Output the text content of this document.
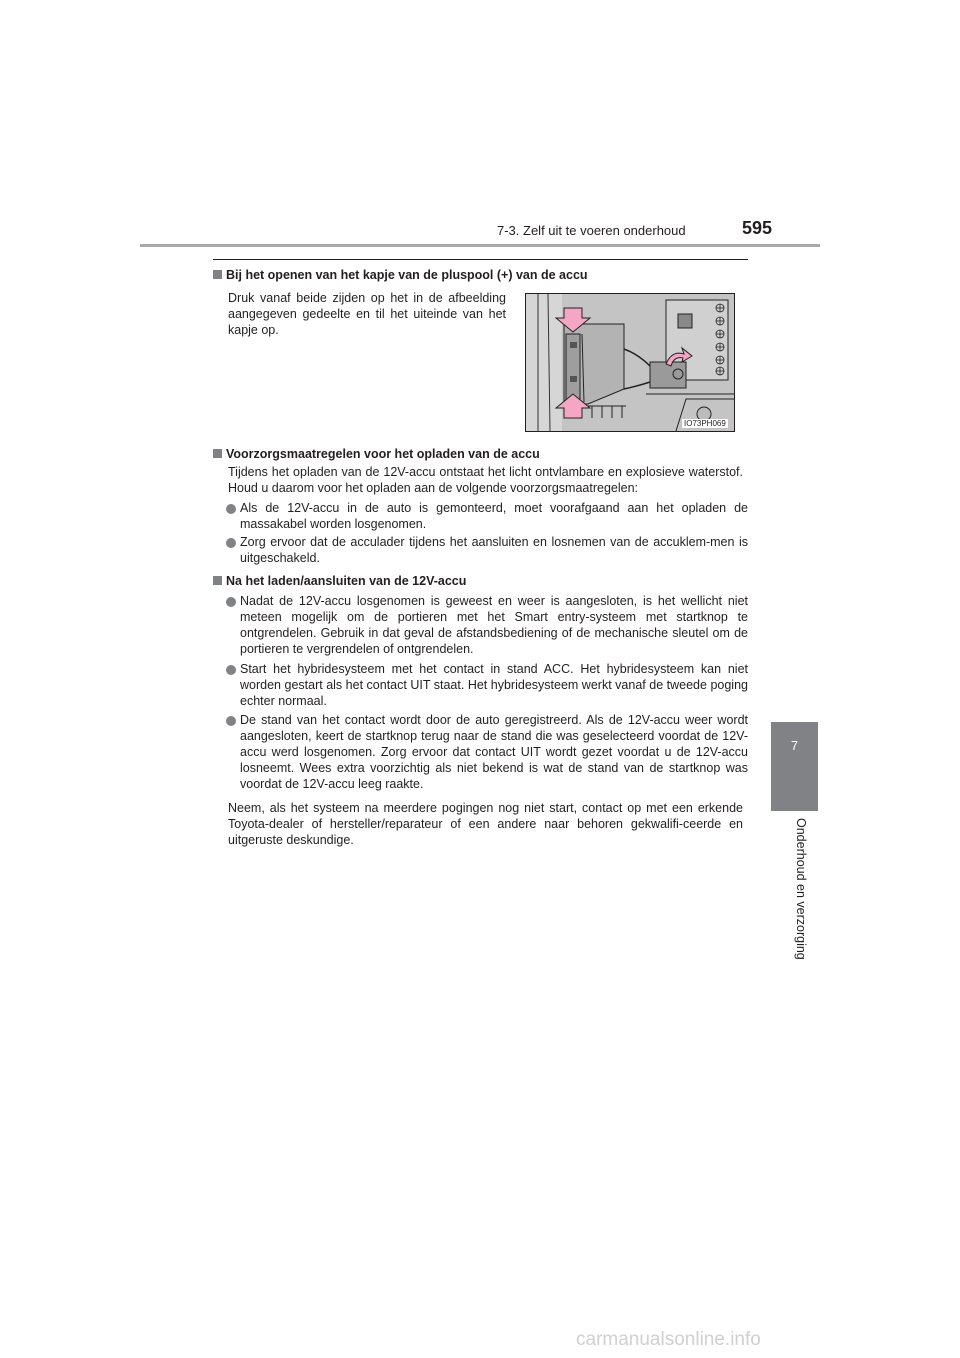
7-3. Zelf uit te voeren onderhoud	595
7
Onderhoud en verzorging
Bij het openen van het kapje van de pluspool (+) van de accu
Druk vanaf beide zijden op het in de afbeelding aangegeven gedeelte en til het uiteinde van het kapje op.
IO73PH069
Voorzorgsmaatregelen voor het opladen van de accu
Tijdens het opladen van de 12V-accu ontstaat het licht ontvlambare en explosieve waterstof. Houd u daarom voor het opladen aan de volgende voorzorgsmaatregelen:
Als de 12V-accu in de auto is gemonteerd, moet voorafgaand aan het opladen de massakabel worden losgenomen.
Zorg ervoor dat de acculader tijdens het aansluiten en losnemen van de accuklem-men is uitgeschakeld.
Na het laden/aansluiten van de 12V-accu
Nadat de 12V-accu losgenomen is geweest en weer is aangesloten, is het wellicht niet meteen mogelijk om de portieren met het Smart entry-systeem met startknop te ontgrendelen. Gebruik in dat geval de afstandsbediening of de mechanische sleutel om de portieren te vergrendelen of ontgrendelen.
Start het hybridesysteem met het contact in stand ACC. Het hybridesysteem kan niet worden gestart als het contact UIT staat. Het hybridesysteem werkt vanaf de tweede poging echter normaal.
De stand van het contact wordt door de auto geregistreerd. Als de 12V-accu weer wordt aangesloten, keert de startknop terug naar de stand die was geselecteerd voordat de 12V-accu werd losgenomen. Zorg ervoor dat contact UIT wordt gezet voordat u de 12V-accu losneemt. Wees extra voorzichtig als niet bekend is wat de stand van de startknop was voordat de 12V-accu leeg raakte.
Neem, als het systeem na meerdere pogingen nog niet start, contact op met een erkende Toyota-dealer of hersteller/reparateur of een andere naar behoren gekwalifi-ceerde en uitgeruste deskundige.
carmanualsonline.info
